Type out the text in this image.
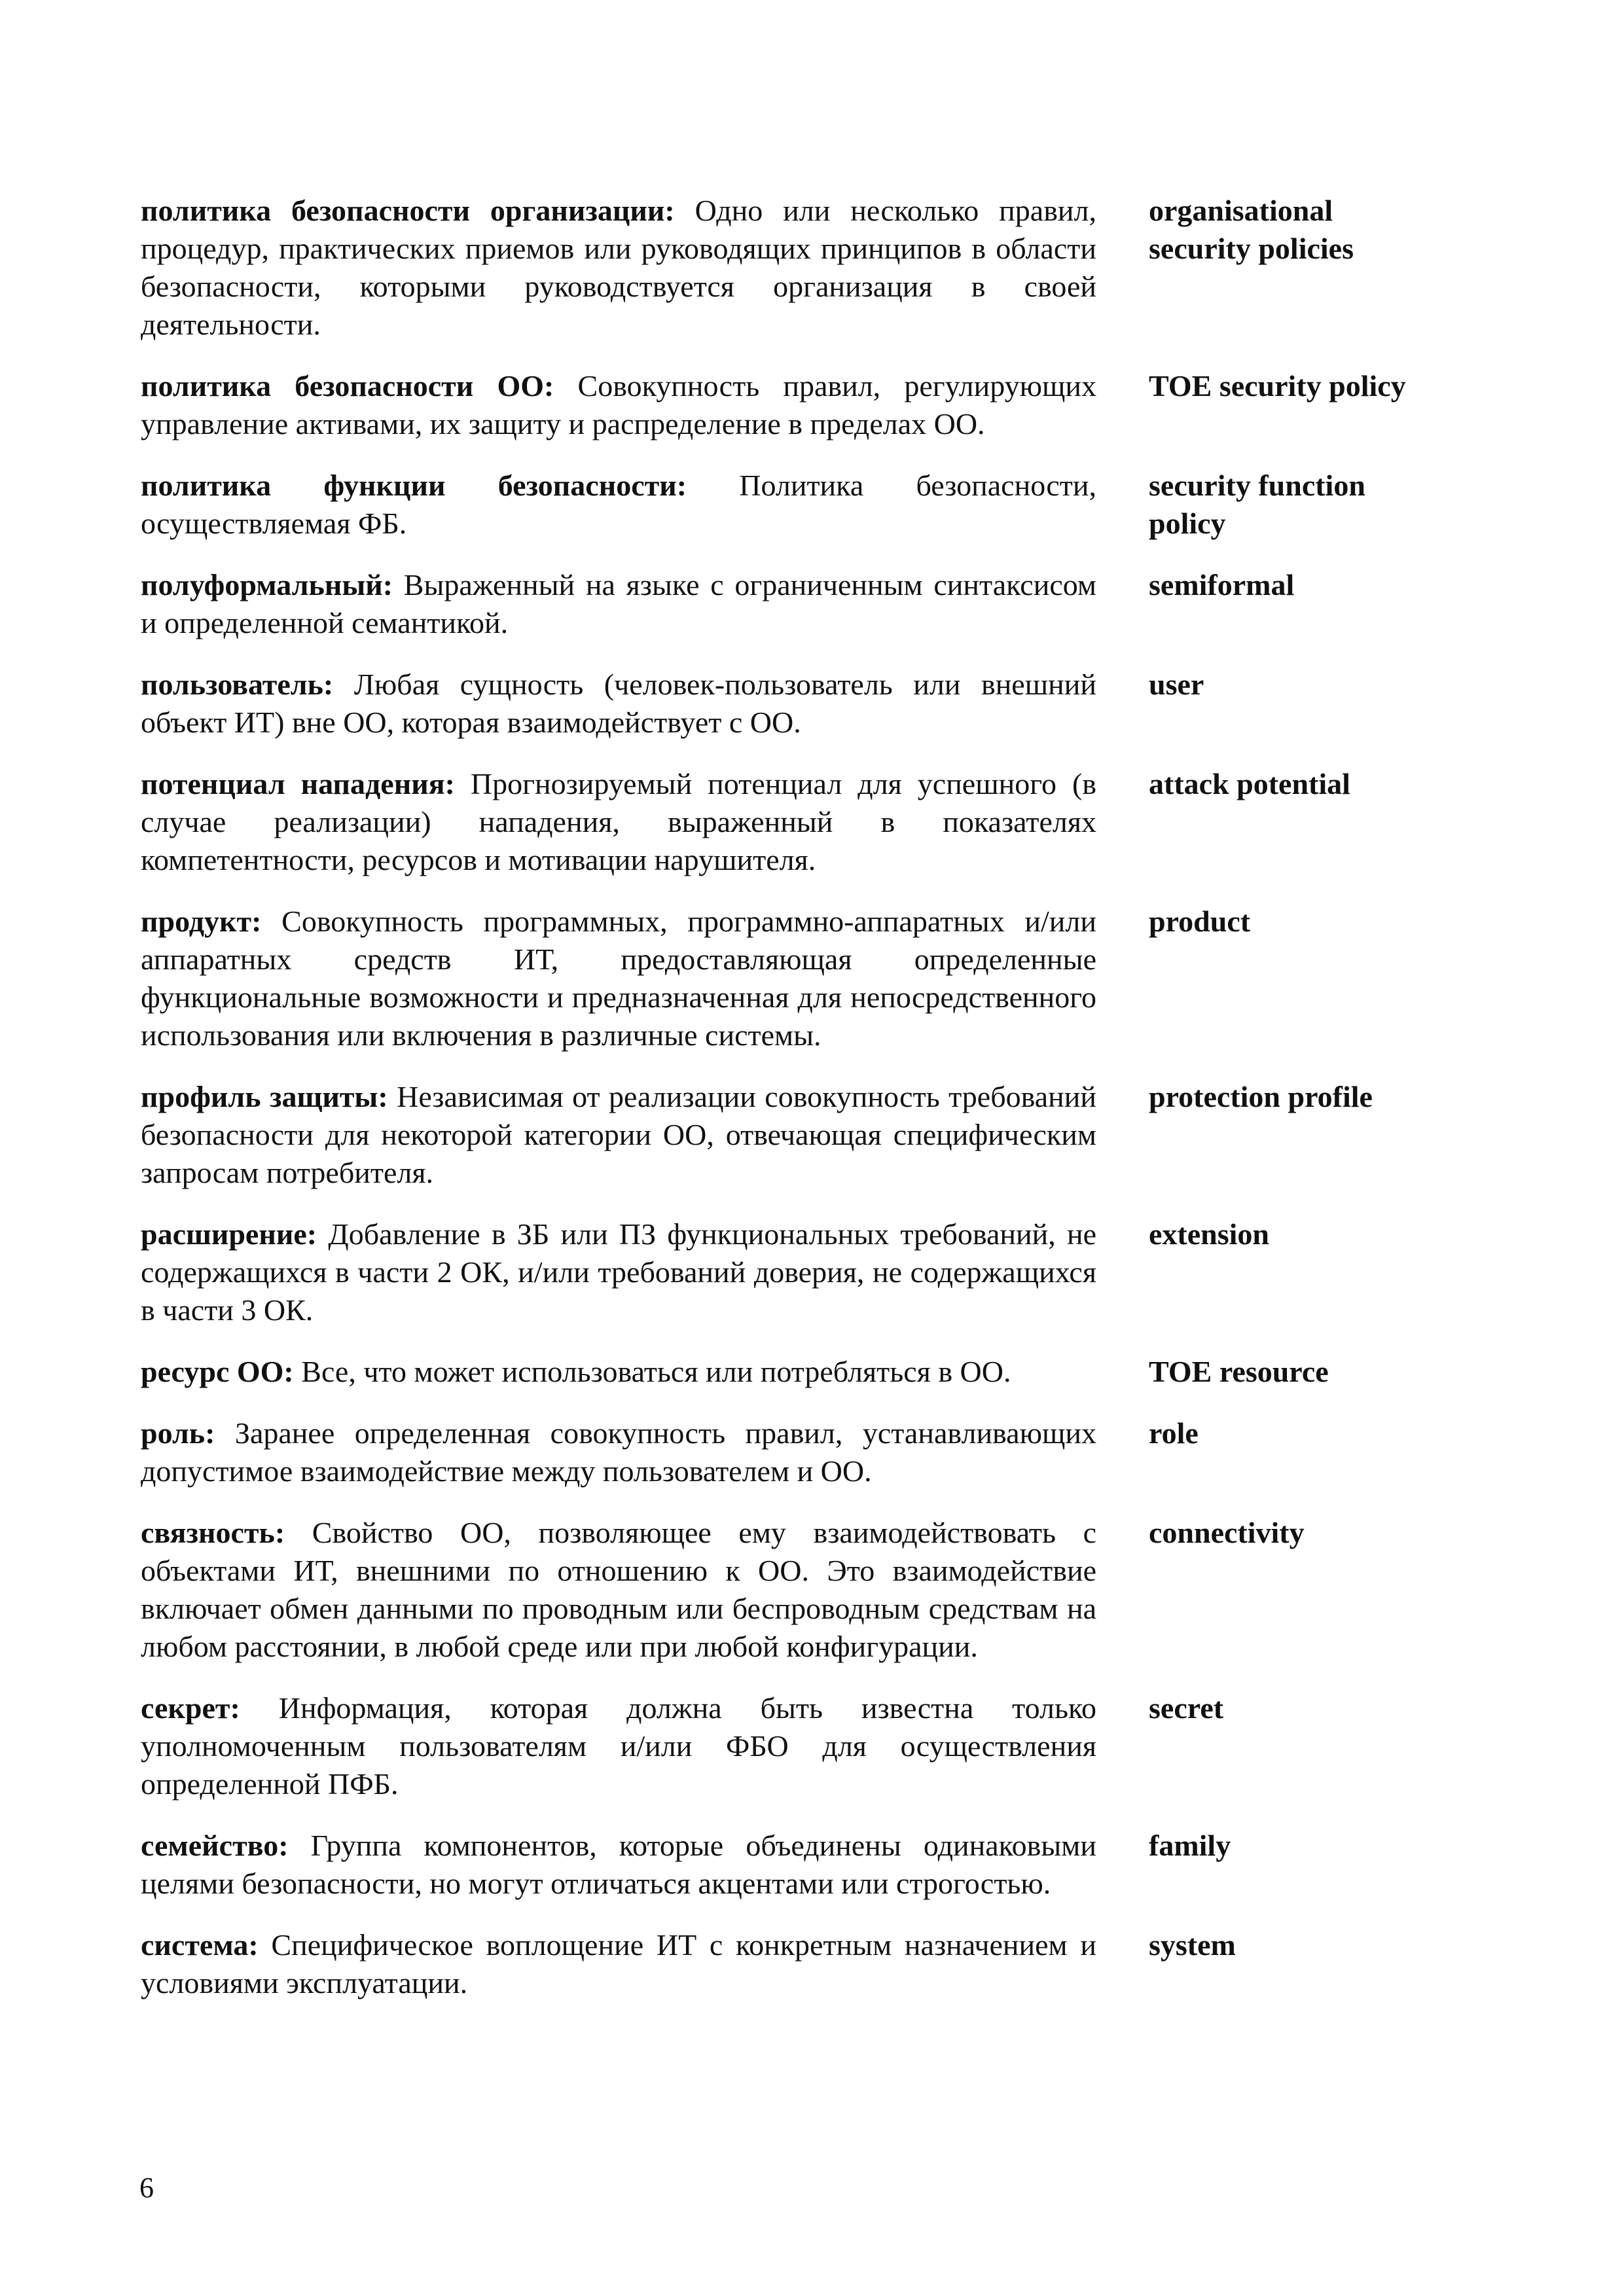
политика безопасности организации: Одно или несколько правил, процедур, практических приемов или руководящих принципов в области безопасности, которыми руководствуется организация в своей деятельности.
organisational security policies
политика безопасности ОО: Совокупность правил, регулирующих управление активами, их защиту и распределение в пределах ОО.
TOE security policy
политика функции безопасности: Политика безопасности, осуществляемая ФБ.
security function policy
полуформальный: Выраженный на языке с ограниченным синтаксисом и определенной семантикой.
semiformal
пользователь: Любая сущность (человек-пользователь или внешний объект ИТ) вне ОО, которая взаимодействует с ОО.
user
потенциал нападения: Прогнозируемый потенциал для успешного (в случае реализации) нападения, выраженный в показателях компетентности, ресурсов и мотивации нарушителя.
attack potential
продукт: Совокупность программных, программно-аппаратных и/или аппаратных средств ИТ, предоставляющая определенные функциональные возможности и предназначенная для непосредственного использования или включения в различные системы.
product
профиль защиты: Независимая от реализации совокупность требований безопасности для некоторой категории ОО, отвечающая специфическим запросам потребителя.
protection profile
расширение: Добавление в ЗБ или ПЗ функциональных требований, не содержащихся в части 2 ОК, и/или требований доверия, не содержащихся в части 3 ОК.
extension
ресурс ОО: Все, что может использоваться или потребляться в ОО.	TOE resource
роль: Заранее определенная совокупность правил, устанавливающих допустимое взаимодействие между пользователем и ОО.
role
связность: Свойство ОО, позволяющее ему взаимодействовать с объектами ИТ, внешними по отношению к ОО. Это взаимодействие включает обмен данными по проводным или беспроводным средствам на любом расстоянии, в любой среде или при любой конфигурации.
connectivity
секрет: Информация, которая должна быть известна только уполномоченным пользователям и/или ФБО для осуществления определенной ПФБ.
secret
семейство: Группа компонентов, которые объединены одинаковыми целями безопасности, но могут отличаться акцентами или строгостью.
family
система: Специфическое воплощение ИТ с конкретным назначением и условиями эксплуатации.
system
6
